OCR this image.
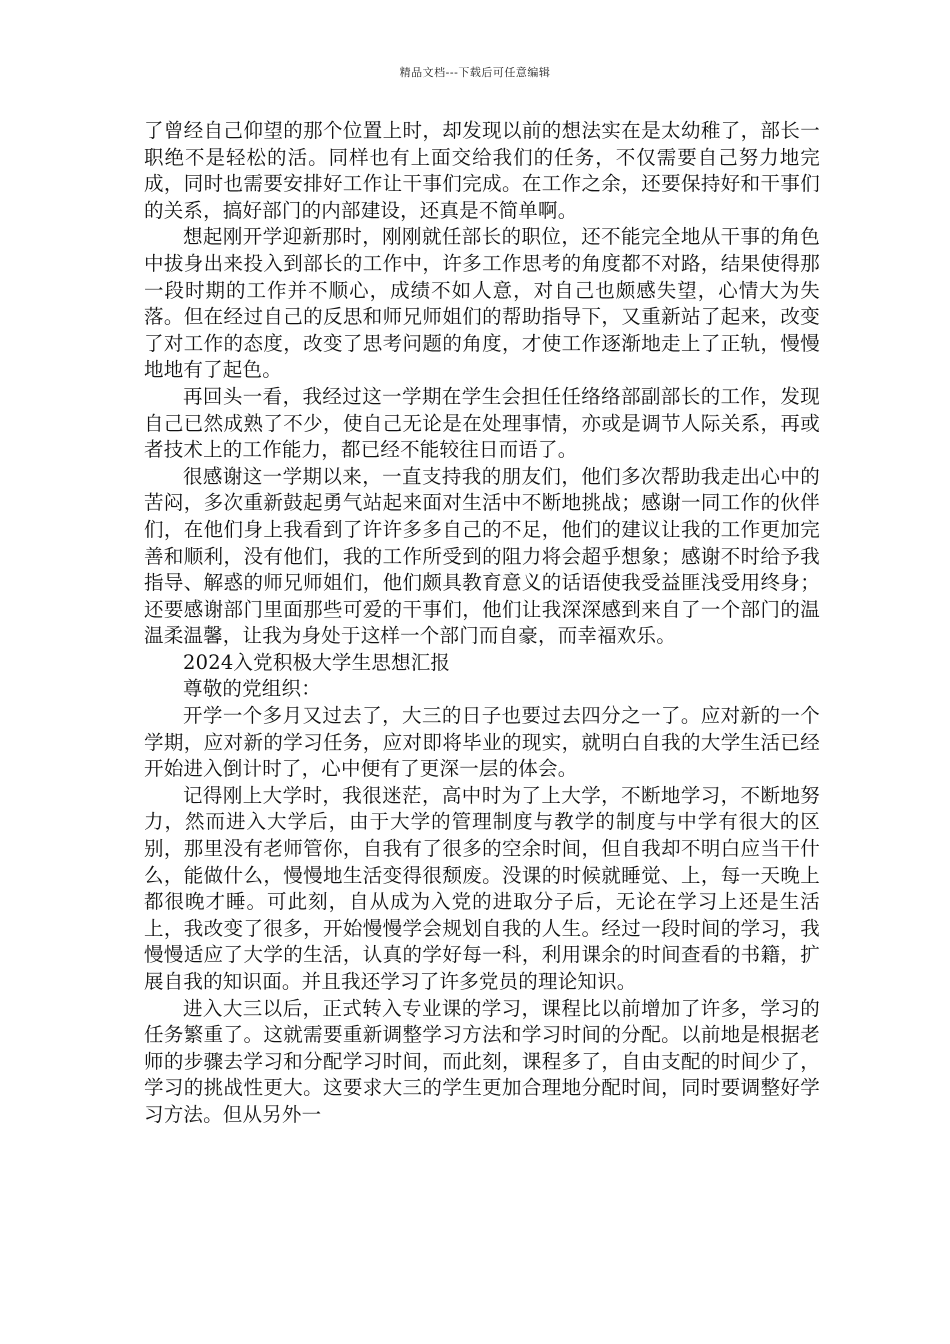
精品文档---下载后可任意编辑

了曾经自己仰望的那个位置上时，却发现以前的想法实在是太幼稚了，部长一职绝不是轻松的活。同样也有上面交给我们的任务，不仅需要自己努力地完成，同时也需要安排好工作让干事们完成。在工作之余，还要保持好和干事们的关系，搞好部门的内部建设，还真是不简单啊。

想起刚开学迎新那时，刚刚就任部长的职位，还不能完全地从干事的角色中拔身出来投入到部长的工作中，许多工作思考的角度都不对路，结果使得那一段时期的工作并不顺心，成绩不如人意，对自己也颇感失望，心情大为失落。但在经过自己的反思和师兄师姐们的帮助指导下，又重新站了起来，改变了对工作的态度，改变了思考问题的角度，才使工作逐渐地走上了正轨，慢慢地地有了起色。

再回头一看，我经过这一学期在学生会担任任络络部副部长的工作，发现自己已然成熟了不少，使自己无论是在处理事情，亦或是调节人际关系，再或者技术上的工作能力，都已经不能较往日而语了。

很感谢这一学期以来，一直支持我的朋友们，他们多次帮助我走出心中的苦闷，多次重新鼓起勇气站起来面对生活中不断地挑战；感谢一同工作的伙伴们，在他们身上我看到了许许多多自己的不足，他们的建议让我的工作更加完善和顺利，没有他们，我的工作所受到的阻力将会超乎想象；感谢不时给予我指导、解惑的师兄师姐们，他们颇具教育意义的话语使我受益匪浅受用终身；还要感谢部门里面那些可爱的干事们，他们让我深深感到来自了一个部门的温温柔温馨，让我为身处于这样一个部门而自豪，而幸福欢乐。

2024入党积极大学生思想汇报

尊敬的党组织：

开学一个多月又过去了，大三的日子也要过去四分之一了。应对新的一个学期，应对新的学习任务，应对即将毕业的现实，就明白自我的大学生活已经开始进入倒计时了，心中便有了更深一层的体会。

记得刚上大学时，我很迷茫，高中时为了上大学，不断地学习，不断地努力，然而进入大学后，由于大学的管理制度与教学的制度与中学有很大的区别，那里没有老师管你，自我有了很多的空余时间，但自我却不明白应当干什么，能做什么，慢慢地生活变得很颓废。没课的时候就睡觉、上，每一天晚上都很晚才睡。可此刻，自从成为入党的进取分子后，无论在学习上还是生活上，我改变了很多，开始慢慢学会规划自我的人生。经过一段时间的学习，我慢慢适应了大学的生活，认真的学好每一科，利用课余的时间查看的书籍，扩展自我的知识面。并且我还学习了许多党员的理论知识。

进入大三以后，正式转入专业课的学习，课程比以前增加了许多，学习的任务繁重了。这就需要重新调整学习方法和学习时间的分配。以前地是根据老师的步骤去学习和分配学习时间，而此刻，课程多了，自由支配的时间少了，学习的挑战性更大。这要求大三的学生更加合理地分配时间，同时要调整好学习方法。但从另外一
